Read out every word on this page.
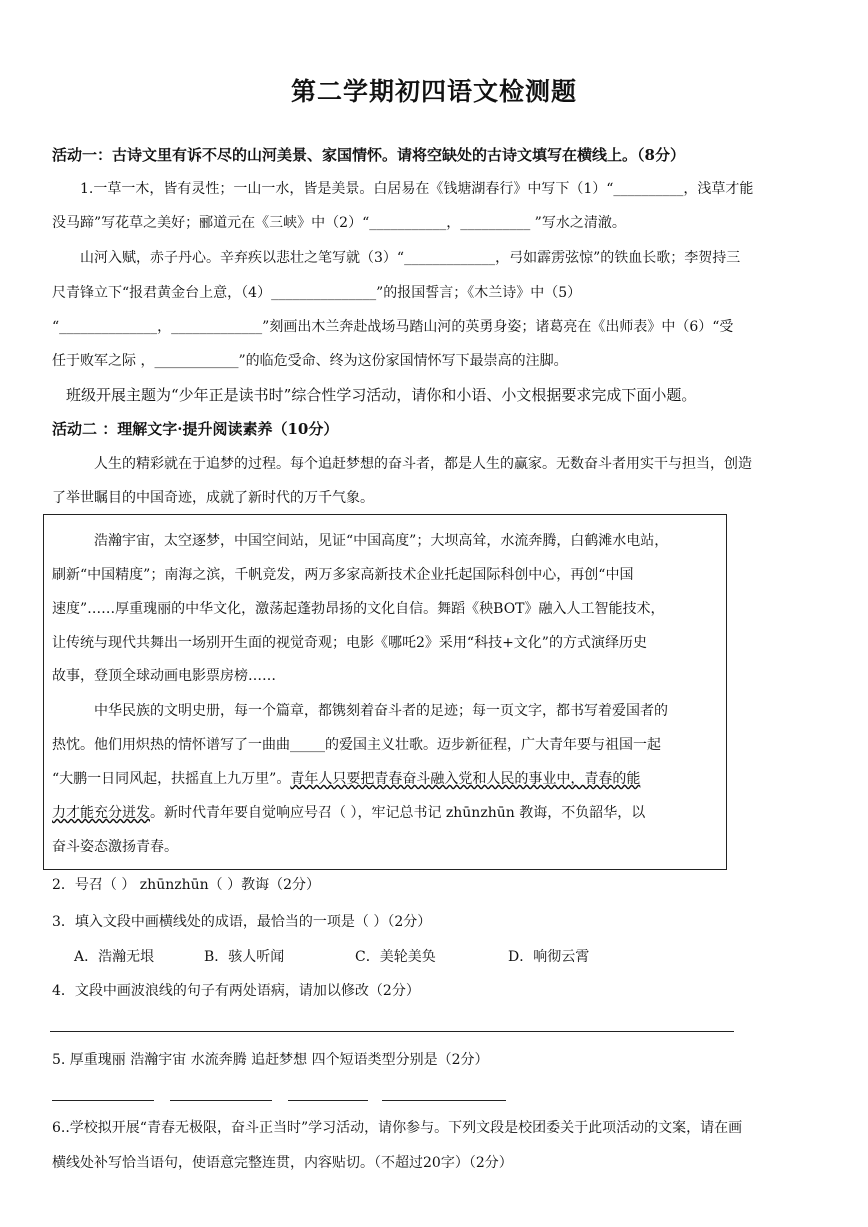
第二学期初四语文检测题
活动一：古诗文里有诉不尽的山河美景、家国情怀。请将空缺处的古诗文填写在横线上。（8分）
1.一草一木，皆有灵性；一山一水，皆是美景。白居易在《钱塘湖春行》中写下（1）“__________，浅草才能
没马蹄”写花草之美好；郦道元在《三峡》中（2）“___________，__________ ”写水之清澈。
山河入赋，赤子丹心。辛弃疾以悲壮之笔写就（3）“_____________，弓如霹雳弦惊”的铁血长歌；李贺持三
尺青锋立下“报君黄金台上意，（4）_______________”的报国誓言；《木兰诗》中（5）
“______________，_____________”刻画出木兰奔赴战场马踏山河的英勇身姿；诸葛亮在《出师表》中（6）“受
任于败军之际 ，____________”的临危受命、终为这份家国情怀写下最崇高的注脚。
班级开展主题为“少年正是读书时”综合性学习活动，请你和小语、小文根据要求完成下面小题。
活动二 ：理解文字·提升阅读素养（10分）
人生的精彩就在于追梦的过程。每个追赶梦想的奋斗者，都是人生的赢家。无数奋斗者用实干与担当，创造
了举世瞩目的中国奇迹，成就了新时代的万千气象。
浩瀚宇宙，太空逐梦，中国空间站，见证“中国高度”；大坝高耸，水流奔腾，白鹤滩水电站，
刷新“中国精度”；南海之滨，千帆竞发，两万多家高新技术企业托起国际科创中心，再创“中国
速度”……厚重瑰丽的中华文化，激荡起蓬勃昂扬的文化自信。舞蹈《秧BOT》融入人工智能技术，
让传统与现代共舞出一场别开生面的视觉奇观；电影《哪吒2》采用“科技+文化”的方式演绎历史
故事，登顶全球动画电影票房榜……
中华民族的文明史册，每一个篇章，都镌刻着奋斗者的足迹；每一页文字，都书写着爱国者的
热忱。他们用炽热的情怀谱写了一曲曲_____的爱国主义壮歌。迈步新征程，广大青年要与祖国一起
“大鹏一日同风起，扶摇直上九万里”。青年人只要把青春奋斗融入党和人民的事业中，青春的能
力才能充分迸发。新时代青年要自觉响应号召（ ），牢记总书记 zhūnzhūn 教诲，不负韶华，以
奋斗姿态激扬青春。
2．号召（ ） zhūnzhūn（ ）教诲（2分）
3．填入文段中画横线处的成语，最恰当的一项是（ ）（2分）
A．浩瀚无垠	B．骇人听闻	C．美轮美奂	D．响彻云霄
4．文段中画波浪线的句子有两处语病，请加以修改（2分）
5. 厚重瑰丽 浩瀚宇宙 水流奔腾 追赶梦想 四个短语类型分别是（2分）
6..学校拟开展“青春无极限，奋斗正当时”学习活动，请你参与。下列文段是校团委关于此项活动的文案，请在画
横线处补写恰当语句，使语意完整连贯，内容贴切。（不超过20字）（2分）
